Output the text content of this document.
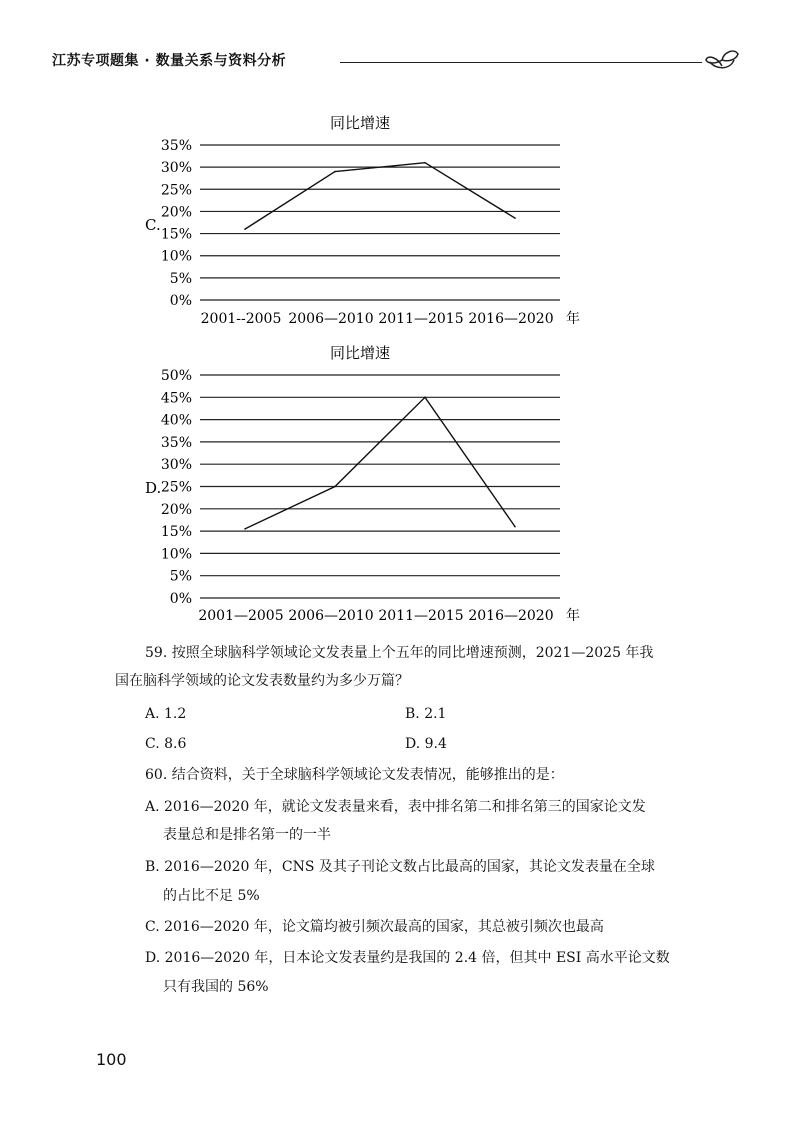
江苏专项题集 · 数量关系与资料分析
同比增速
C.
0%
5%
10%
15%
20%
25%
30%
35%
2001--2005 2006—2010 2011—2015 2016—2020 年
同比增速
D.
0%
5%
10%
15%
20%
25%
30%
35%
40%
45%
50%
2001—2005 2006—2010 2011—2015 2016—2020 年
59. 按照全球脑科学领域论文发表量上个五年的同比增速预测，2021—2025 年我
国在脑科学领域的论文发表数量约为多少万篇？
A. 1.2	B. 2.1
C. 8.6	D. 9.4
60. 结合资料，关于全球脑科学领域论文发表情况，能够推出的是：
A. 2016—2020 年，就论文发表量来看，表中排名第二和排名第三的国家论文发
表量总和是排名第一的一半
B. 2016—2020 年，CNS 及其子刊论文数占比最高的国家，其论文发表量在全球
的占比不足 5%
C. 2016—2020 年，论文篇均被引频次最高的国家，其总被引频次也最高
D. 2016—2020 年，日本论文发表量约是我国的 2.4 倍，但其中 ESI 高水平论文数
只有我国的 56%
100
